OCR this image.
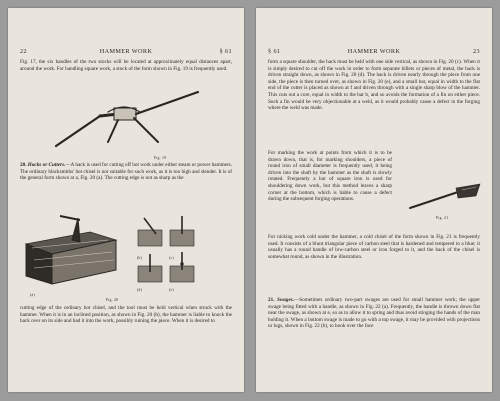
22	HAMMER WORK	§ 61
Fig. 17, the six handles of the two stocks will be located at approximately equal distances apart, around the work. For handling square work, a stock of the form shown in Fig. 19 is frequently used.
Fig. 19
20. Hacks or Cutters.—A hack is used for cutting off hot work under either steam or power hammers. The ordinary blacksmiths' hot chisel is not suitable for such work, as it is too high and slender. It is of the general form shown at a, Fig. 20 (a). The cutting edge is not as sharp as the
(a)
(b)	(c)
(d)	(e)
Fig. 20
cutting edge of the ordinary hot chisel, and the tool must be held vertical when struck with the hammer. When it is in an inclined position, as shown in Fig. 20 (b), the hammer is liable to knock the hack over on its side and bad it into the work, possibly ruining the piece. When it is desired to
§ 61	HAMMER WORK	23
form a square shoulder, the hack must be held with one side vertical, as shown in Fig. 20 (c). When it is simply desired to cut off the work in order to form separate billets or pieces of metal, the hack is driven straight down, as shown in Fig. 20 (d). The hack is driven nearly through the piece from one side, the piece is then turned over, as shown in Fig. 20 (e), and a small bar, equal in width to the flat end of the cutter is placed as shown at f and driven through with a single sharp blow of the hammer. This cuts out a core, equal in width to the bar b, and so avoids the formation of a fin on either piece. Such a fin would be very objectionable at a weld, as it would probably cause a defect in the forging where the weld was made.
For marking the work at points from which it is to be drawn down, that is, for marking shoulders, a piece of round iron of small diameter is frequently used, it being driven into the shaft by the hammer as the shaft is slowly rotated. Frequently a bar of square iron is used for shouldering down work, but this method leaves a sharp corner at the bottom, which is liable to cause a defect during the subsequent forging operations.
Fig. 21
For nicking work cold under the hammer, a cold chisel of the form shown in Fig. 21 is frequently used. It consists of a blunt triangular piece of carbon steel that is hardened and tempered to a blue; it usually has a round handle of low-carbon steel or iron forged to it, and the back of the chisel is somewhat round, as shown in the illustration.
21. Swages.—Sometimes ordinary two-part swages are used for small hammer work; the upper swage being fitted with a handle, as shown in Fig. 22 (a). Frequently, the handle is thrown down flat near the swage, as shown at e, so as to allow it to spring and thus avoid stinging the hands of the man holding it. When a bottom swage is made to go with a top swage, it may be provided with projections or lugs, shown in Fig. 22 (b), to hook over the face
